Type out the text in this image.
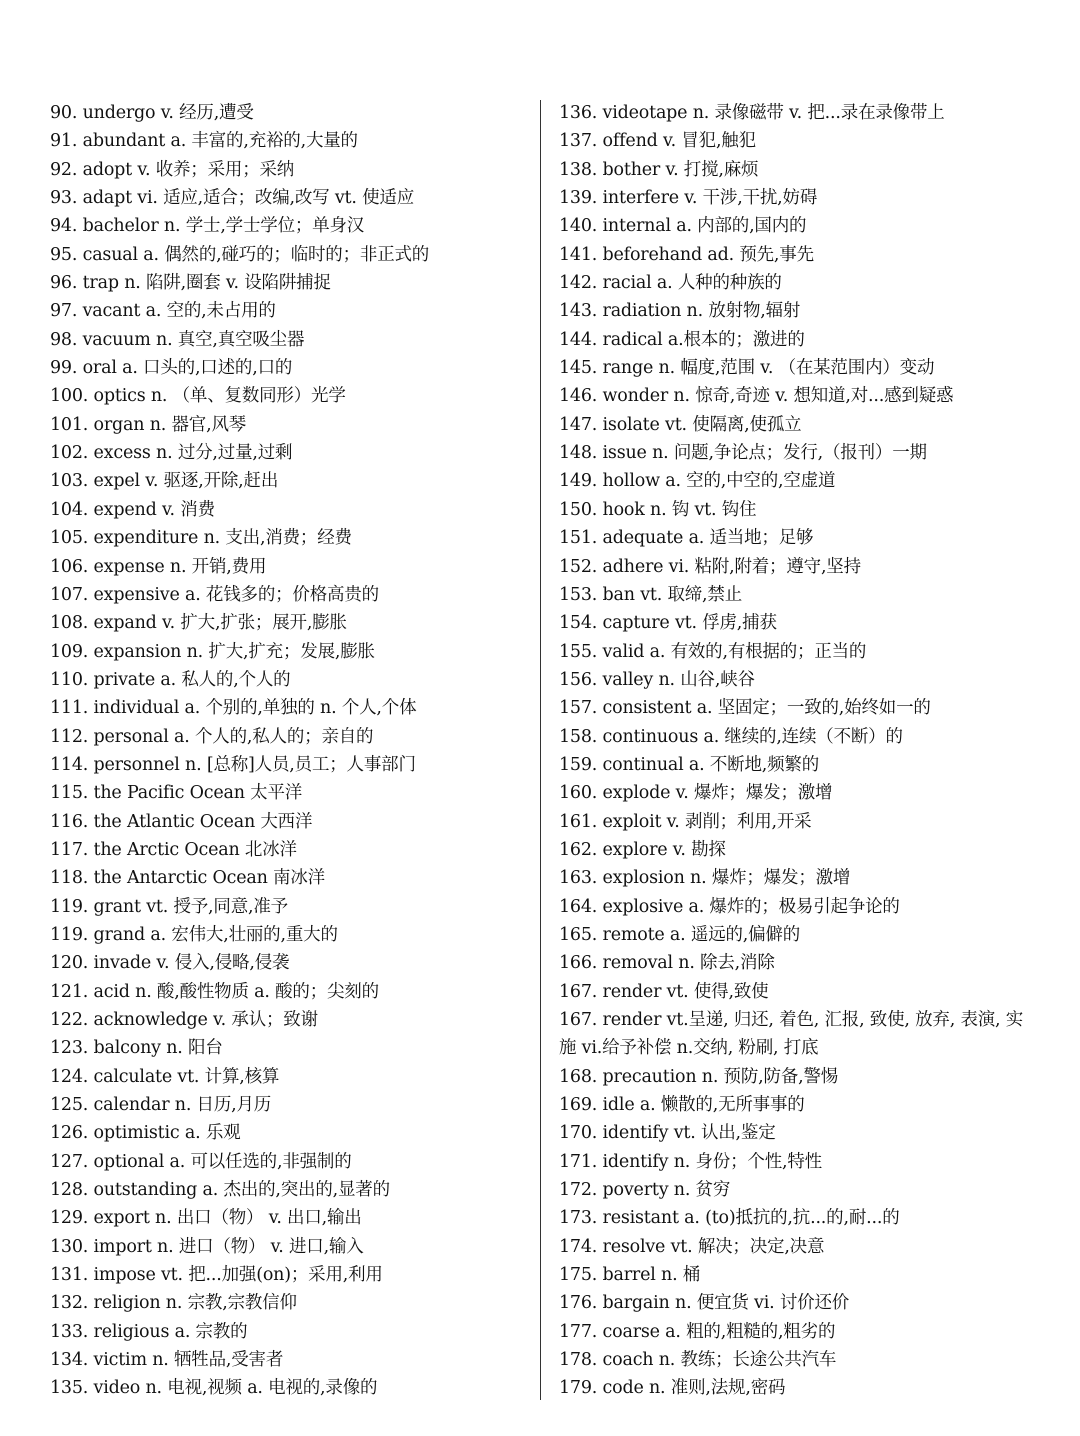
90. undergo v. 经历,遭受
91. abundant a. 丰富的,充裕的,大量的
92. adopt v. 收养；采用；采纳
93. adapt vi. 适应,适合；改编,改写 vt. 使适应
94. bachelor n. 学士,学士学位；单身汉
95. casual a. 偶然的,碰巧的；临时的；非正式的
96. trap n. 陷阱,圈套 v. 设陷阱捕捉
97. vacant a. 空的,未占用的
98. vacuum n. 真空,真空吸尘器
99. oral a. 口头的,口述的,口的
100. optics n. （单、复数同形）光学
101. organ n. 器官,风琴
102. excess n. 过分,过量,过剩
103. expel v. 驱逐,开除,赶出
104. expend v. 消费
105. expenditure n. 支出,消费；经费
106. expense n. 开销,费用
107. expensive a. 花钱多的；价格高贵的
108. expand v. 扩大,扩张；展开,膨胀
109. expansion n. 扩大,扩充；发展,膨胀
110. private a. 私人的,个人的
111. individual a. 个别的,单独的 n. 个人,个体
112. personal a. 个人的,私人的；亲自的
114. personnel n. [总称]人员,员工；人事部门
115. the Pacific Ocean 太平洋
116. the Atlantic Ocean 大西洋
117. the Arctic Ocean 北冰洋
118. the Antarctic Ocean 南冰洋
119. grant vt. 授予,同意,准予
119. grand a. 宏伟大,壮丽的,重大的
120. invade v. 侵入,侵略,侵袭
121. acid n. 酸,酸性物质 a. 酸的；尖刻的
122. acknowledge v. 承认；致谢
123. balcony n. 阳台
124. calculate vt. 计算,核算
125. calendar n. 日历,月历
126. optimistic a. 乐观
127. optional a. 可以任选的,非强制的
128. outstanding a. 杰出的,突出的,显著的
129. export n. 出口（物） v. 出口,输出
130. import n. 进口（物） v. 进口,输入
131. impose vt. 把...加强(on)；采用,利用
132. religion n. 宗教,宗教信仰
133. religious a. 宗教的
134. victim n. 牺牲品,受害者
135. video n. 电视,视频 a. 电视的,录像的
136. videotape n. 录像磁带 v. 把...录在录像带上
137. offend v. 冒犯,触犯
138. bother v. 打搅,麻烦
139. interfere v. 干涉,干扰,妨碍
140. internal a. 内部的,国内的
141. beforehand ad. 预先,事先
142. racial a. 人种的种族的
143. radiation n. 放射物,辐射
144. radical a.根本的；激进的
145. range n. 幅度,范围 v. （在某范围内）变动
146. wonder n. 惊奇,奇迹 v. 想知道,对...感到疑惑
147. isolate vt. 使隔离,使孤立
148. issue n. 问题,争论点；发行,（报刊）一期
149. hollow a. 空的,中空的,空虚道
150. hook n. 钩 vt. 钩住
151. adequate a. 适当地；足够
152. adhere vi. 粘附,附着；遵守,坚持
153. ban vt. 取缔,禁止
154. capture vt. 俘虏,捕获
155. valid a. 有效的,有根据的；正当的
156. valley n. 山谷,峡谷
157. consistent a. 坚固定；一致的,始终如一的
158. continuous a. 继续的,连续（不断）的
159. continual a. 不断地,频繁的
160. explode v. 爆炸；爆发；激增
161. exploit v. 剥削；利用,开采
162. explore v. 勘探
163. explosion n. 爆炸；爆发；激增
164. explosive a. 爆炸的；极易引起争论的
165. remote a. 遥远的,偏僻的
166. removal n. 除去,消除
167. render vt. 使得,致使
167. render vt.呈递, 归还, 着色, 汇报, 致使, 放弃, 表演, 实施 vi.给予补偿 n.交纳, 粉刷, 打底
168. precaution n. 预防,防备,警惕
169. idle a. 懒散的,无所事事的
170. identify vt. 认出,鉴定
171. identify n. 身份；个性,特性
172. poverty n. 贫穷
173. resistant a. (to)抵抗的,抗...的,耐...的
174. resolve vt. 解决；决定,决意
175. barrel n. 桶
176. bargain n. 便宜货 vi. 讨价还价
177. coarse a. 粗的,粗糙的,粗劣的
178. coach n. 教练；长途公共汽车
179. code n. 准则,法规,密码
